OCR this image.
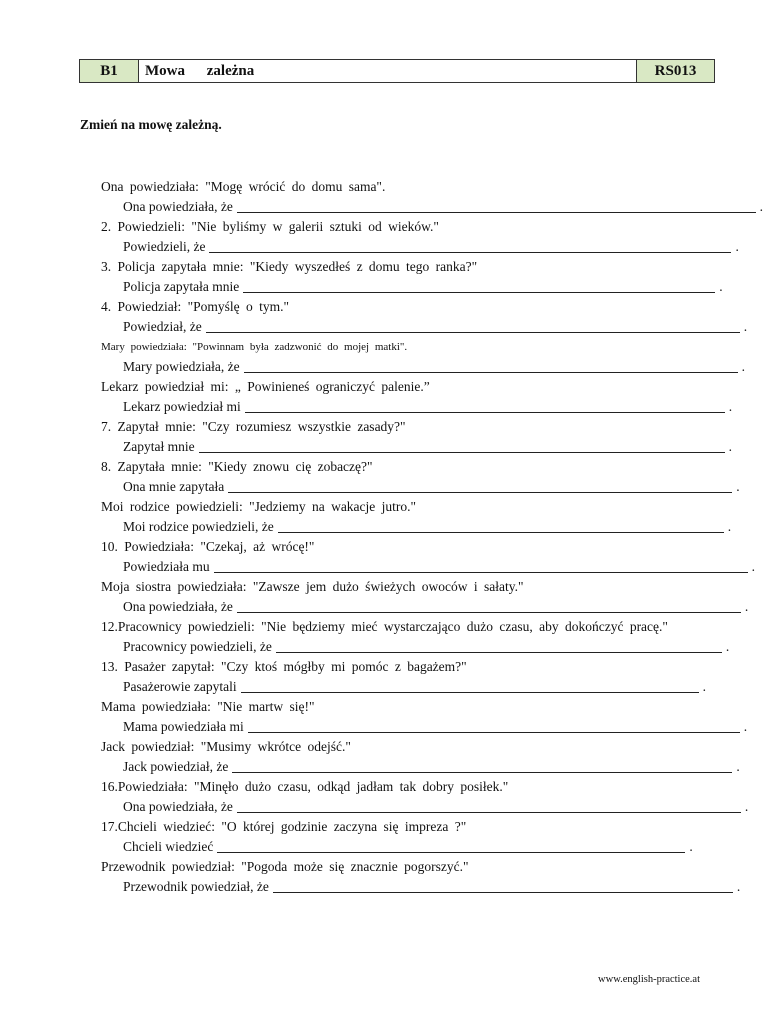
B1	Mowa zależna	RS013
Zmień na mowę zależną.
Ona powiedziała: "Mogę wrócić do domu sama".
Ona powiedziała, że	.
2. Powiedzieli: "Nie byliśmy w galerii sztuki od wieków."
Powiedzieli, że	.
3. Policja zapytała mnie: "Kiedy wyszedłeś z domu tego ranka?"
Policja zapytała mnie	.
4. Powiedział: "Pomyślę o tym."
Powiedział, że	.
Mary powiedziała: "Powinnam była zadzwonić do mojej matki".
Mary powiedziała, że	.
Lekarz powiedział mi: „ Powinieneś ograniczyć palenie.”
Lekarz powiedział mi	.
7. Zapytał mnie: "Czy rozumiesz wszystkie zasady?"
Zapytał mnie	.
8. Zapytała mnie: "Kiedy znowu cię zobaczę?"
Ona mnie zapytała	.
Moi rodzice powiedzieli: "Jedziemy na wakacje jutro."
Moi rodzice powiedzieli, że	.
10. Powiedziała: "Czekaj, aż wrócę!"
Powiedziała mu	.
Moja siostra powiedziała: "Zawsze jem dużo świeżych owoców i sałaty."
Ona powiedziała, że	.
12.Pracownicy powiedzieli: "Nie będziemy mieć wystarczająco dużo czasu, aby dokończyć pracę."
Pracownicy powiedzieli, że	.
13. Pasażer zapytał: "Czy ktoś mógłby mi pomóc z bagażem?"
Pasażerowie zapytali	.
Mama powiedziała: "Nie martw się!"
Mama powiedziała mi	.
Jack powiedział: "Musimy wkrótce odejść."
Jack powiedział, że	.
16.Powiedziała: "Minęło dużo czasu, odkąd jadłam tak dobry posiłek."
Ona powiedziała, że	.
17.Chcieli wiedzieć: "O której godzinie zaczyna się impreza ?"
Chcieli wiedzieć	.
Przewodnik powiedział: "Pogoda może się znacznie pogorszyć."
Przewodnik powiedział, że	.
www.english-practice.at
